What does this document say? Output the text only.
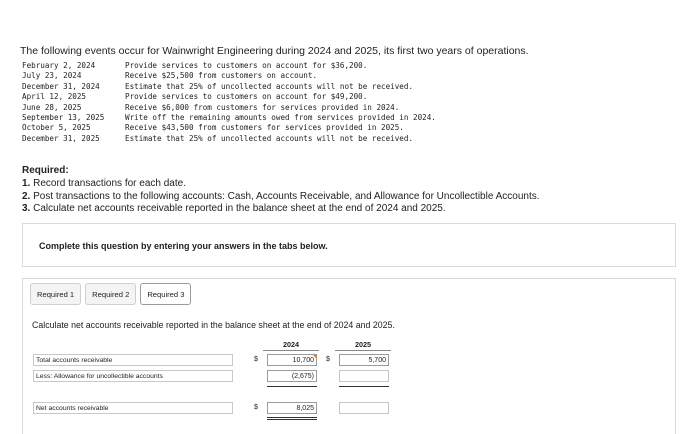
The following events occur for Wainwright Engineering during 2024 and 2025, its first two years of operations.
February 2, 2024	Provide services to customers on account for $36,200.
July 23, 2024	Receive $25,500 from customers on account.
December 31, 2024	Estimate that 25% of uncollected accounts will not be received.
April 12, 2025	Provide services to customers on account for $49,200.
June 28, 2025	Receive $6,000 from customers for services provided in 2024.
September 13, 2025	Write off the remaining amounts owed from services provided in 2024.
October 5, 2025	Receive $43,500 from customers for services provided in 2025.
December 31, 2025	Estimate that 25% of uncollected accounts will not be received.
Required:
1. Record transactions for each date.
2. Post transactions to the following accounts: Cash, Accounts Receivable, and Allowance for Uncollectible Accounts.
3. Calculate net accounts receivable reported in the balance sheet at the end of 2024 and 2025.
Complete this question by entering your answers in the tabs below.
Required 1	Required 2	Required 3
Calculate net accounts receivable reported in the balance sheet at the end of 2024 and 2025.
2024	2025
Total accounts receivable	$	10,700	$	5,700
Less: Allowance for uncollectible accounts	(2,675)
Net accounts receivable	$	8,025
